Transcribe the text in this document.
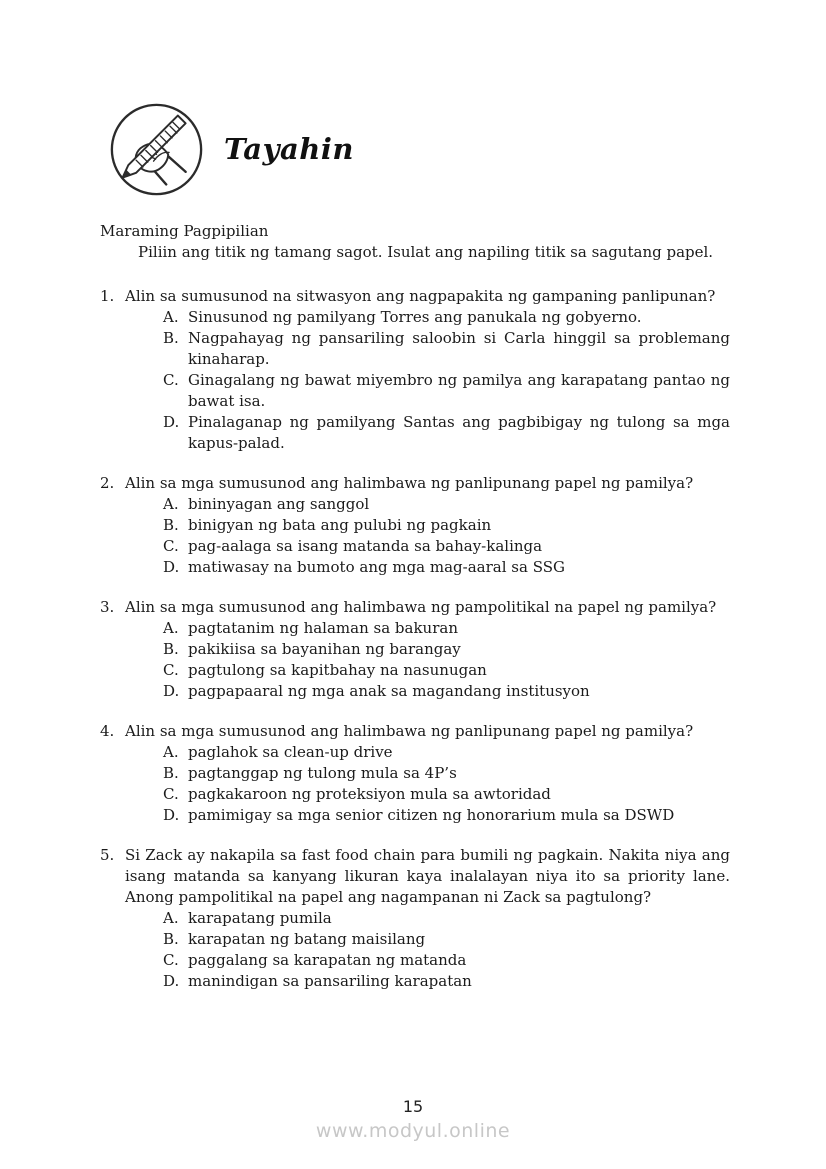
Tayahin
Maraming Pagpipilian
Piliin ang titik ng tamang sagot. Isulat ang napiling titik sa sagutang papel.
1. Alin sa sumusunod na sitwasyon ang nagpapakita ng gampaning panlipunan?
A. Sinusunod ng pamilyang Torres ang panukala ng gobyerno.
B. Nagpahayag ng pansariling saloobin si Carla hinggil sa problemang kinaharap.
C. Ginagalang ng bawat miyembro ng pamilya ang karapatang pantao ng bawat isa.
D. Pinalaganap ng pamilyang Santas ang pagbibigay ng tulong sa mga kapus-palad.
2. Alin sa mga sumusunod ang halimbawa ng panlipunang papel ng pamilya?
A. bininyagan ang sanggol
B. binigyan ng bata ang pulubi ng pagkain
C. pag-aalaga sa isang matanda sa bahay-kalinga
D. matiwasay na bumoto ang mga mag-aaral sa SSG
3. Alin sa mga sumusunod ang halimbawa ng pampolitikal na papel ng pamilya?
A. pagtatanim ng halaman sa bakuran
B. pakikiisa sa bayanihan ng barangay
C. pagtulong sa kapitbahay na nasunugan
D. pagpapaaral ng mga anak sa magandang institusyon
4. Alin sa mga sumusunod ang halimbawa ng panlipunang papel ng pamilya?
A. paglahok sa clean-up drive
B. pagtanggap ng tulong mula sa 4P’s
C. pagkakaroon ng proteksiyon mula sa awtoridad
D. pamimigay sa mga senior citizen ng honorarium mula sa DSWD
5. Si Zack ay nakapila sa fast food chain para bumili ng pagkain. Nakita niya ang isang matanda sa kanyang likuran kaya inalalayan niya ito sa priority lane. Anong pampolitikal na papel ang nagampanan ni Zack sa pagtulong?
A. karapatang pumila
B. karapatan ng batang maisilang
C. paggalang sa karapatan ng matanda
D. manindigan sa pansariling karapatan
15
www.modyul.online
